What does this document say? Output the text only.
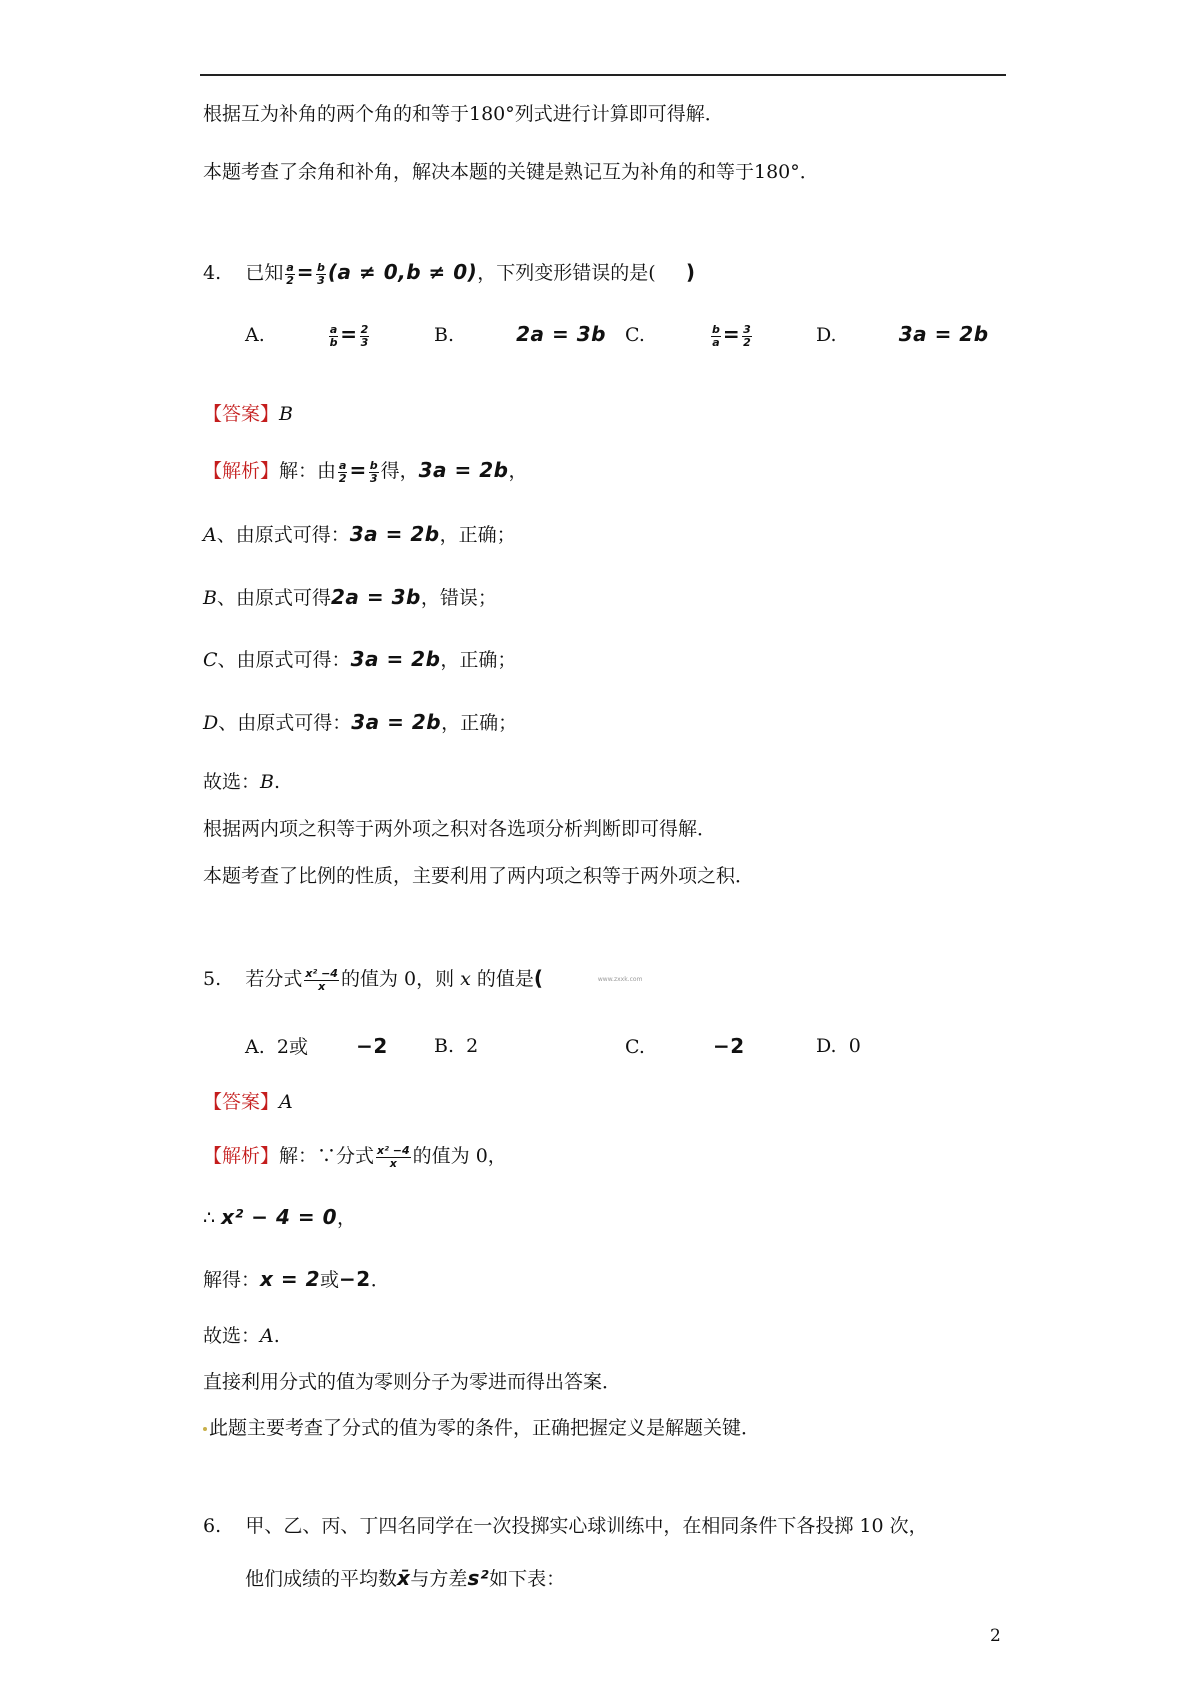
根据互为补角的两个角的和等于180°列式进行计算即可得解．
本题考查了余角和补角，解决本题的关键是熟记互为补角的和等于180°．
4. 已知 $\frac{a}{2} = \frac{b}{3} (a \ne 0,b \ne 0)$，下列变形错误的是( )
A.	$\frac{a}{b} = \frac{2}{3}$	B.	2a = 3b C.	$\frac{b}{a} = \frac{3}{2}$	D.	3a = 2b
【答案】B
【解析】解：由 $\frac{a}{2} = \frac{b}{3}$ 得，3a = 2b，
A、由原式可得：3a = 2b，正确；
B、由原式可得2a = 3b，错误；
C、由原式可得：3a = 2b，正确；
D、由原式可得：3a = 2b，正确；
故选：B.
根据两内项之积等于两外项之积对各选项分析判断即可得解．
本题考查了比例的性质，主要利用了两内项之积等于两外项之积．
5. 若分式 $\frac{\text{x² −4}}{x}$ 的值为 0，则 x 的值是(	www.zxxk.com
A. 2或 −2 B. 2	C.	−2	D. 0
【答案】A
【解析】解：∵分式 $\frac{\text{x² −4}}{x}$ 的值为 0，
∴ x² − 4 = 0，
解得：x = 2或−2．
故选：A.
直接利用分式的值为零则分子为零进而得出答案．
此题主要考查了分式的值为零的条件，正确把握定义是解题关键．
6. 甲、乙、丙、丁四名同学在一次投掷实心球训练中，在相同条件下各投掷 10 次，
他们成绩的平均数x̄与方差s²如下表：
2
